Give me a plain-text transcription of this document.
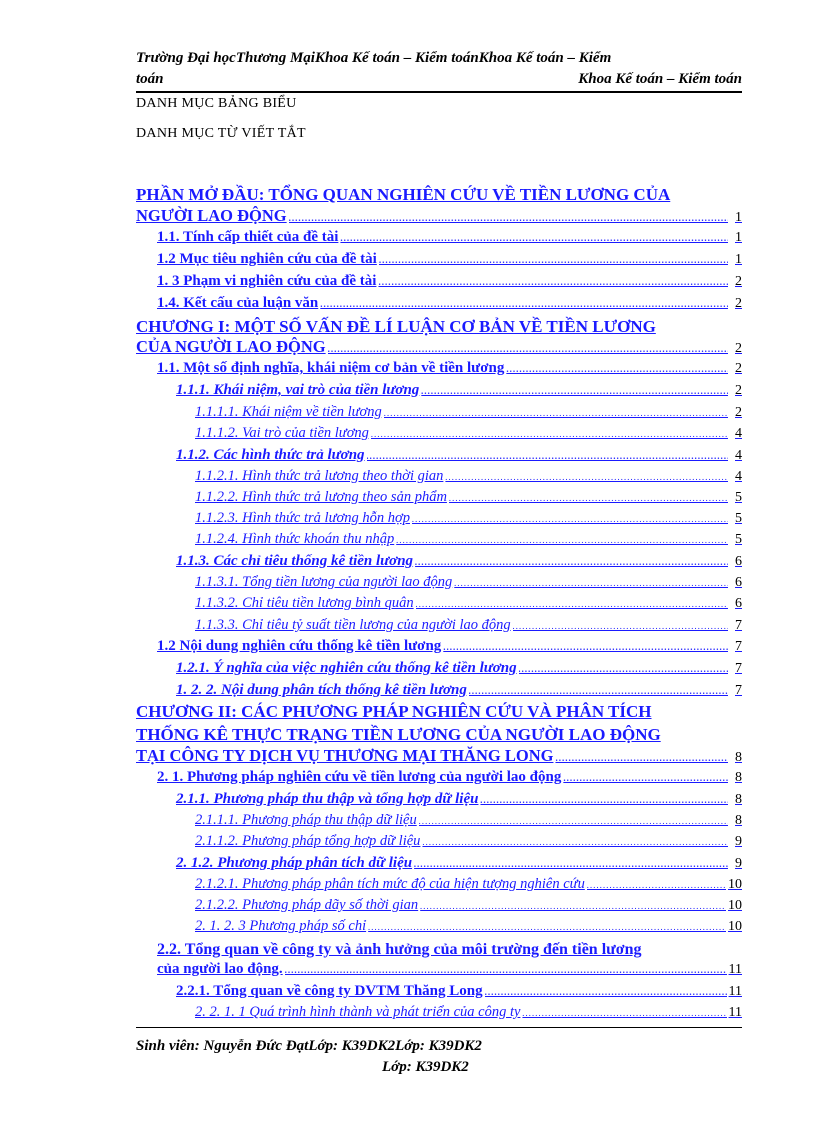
Trường Đại họcThương MạiKhoa Kế toán – Kiểm toánKhoa Kế toán – Kiểm
toán	Khoa Kế toán – Kiểm toán
DANH MỤC BẢNG BIỂU
DANH MỤC TỪ VIẾT TẮT
PHẦN MỞ ĐẦU: TỔNG QUAN NGHIÊN CỨU VỀ TIỀN LƯƠNG CỦA
NGƯỜI LAO ĐỘNG .....	1
1.1. Tính cấp thiết của đề tài .....	1
1.2 Mục tiêu nghiên cứu của đề tài .....	1
1. 3 Phạm vi nghiên cứu của đề tài .....	2
1.4. Kết cấu của luận văn .....	2
CHƯƠNG I: MỘT SỐ VẤN ĐỀ LÍ LUẬN CƠ BẢN VỀ TIỀN LƯƠNG
CỦA NGƯỜI LAO ĐỘNG .....	2
1.1. Một số định nghĩa, khái niệm cơ bản về tiền lương .....	2
1.1.1. Khái niệm, vai trò của tiền lương .....	2
1.1.1.1. Khái niệm về tiền lương .....	2
1.1.1.2. Vai trò của tiền lương .....	4
1.1.2. Các hình thức trả lương .....	4
1.1.2.1. Hình thức trả lương theo thời gian .....	4
1.1.2.2. Hình thức trả lương theo sản phẩm .....	5
1.1.2.3. Hình thức trả lương hỗn hợp .....	5
1.1.2.4. Hình thức khoán thu nhập .....	5
1.1.3. Các chỉ tiêu thống kê tiền lương .....	6
1.1.3.1. Tổng tiền lương của người lao động .....	6
1.1.3.2. Chỉ tiêu tiền lương bình quân .....	6
1.1.3.3. Chỉ tiêu tỷ suất tiền lương của người lao động .....	7
1.2 Nội dung nghiên cứu thống kê tiền lương .....	7
1.2.1. Ý nghĩa của việc nghiên cứu thống kê tiền lương .....	7
1. 2. 2. Nội dung phân tích thống kê tiền lương .....	7
CHƯƠNG II: CÁC PHƯƠNG PHÁP NGHIÊN CỨU VÀ PHÂN TÍCH
THỐNG KÊ THỰC TRẠNG TIỀN LƯƠNG CỦA NGƯỜI LAO ĐỘNG
TẠI CÔNG TY DỊCH VỤ THƯƠNG MẠI THĂNG LONG .....	8
2. 1. Phương pháp nghiên cứu về tiền lương của người lao động .....	8
2.1.1. Phương pháp thu thập và tổng hợp dữ liệu .....	8
2.1.1.1. Phương pháp thu thập dữ liệu .....	8
2.1.1.2. Phương pháp tổng hợp dữ liệu .....	9
2. 1.2. Phương pháp phân tích dữ liệu .....	9
2.1.2.1. Phương pháp phân tích mức độ của hiện tượng nghiên cứu .....	10
2.1.2.2. Phương pháp dãy số thời gian .....	10
2. 1. 2. 3 Phương pháp số chỉ .....	10
2.2. Tổng quan về công ty và ảnh hưởng của môi trường đến tiền lương
của người lao động. .....	11
2.2.1. Tổng quan về công ty DVTM Thăng Long .....	11
2. 2. 1. 1 Quá trình hình thành và phát triển của công ty .....	11
Sinh viên: Nguyễn Đức ĐạtLớp: K39DK2Lớp: K39DK2
Lớp: K39DK2
